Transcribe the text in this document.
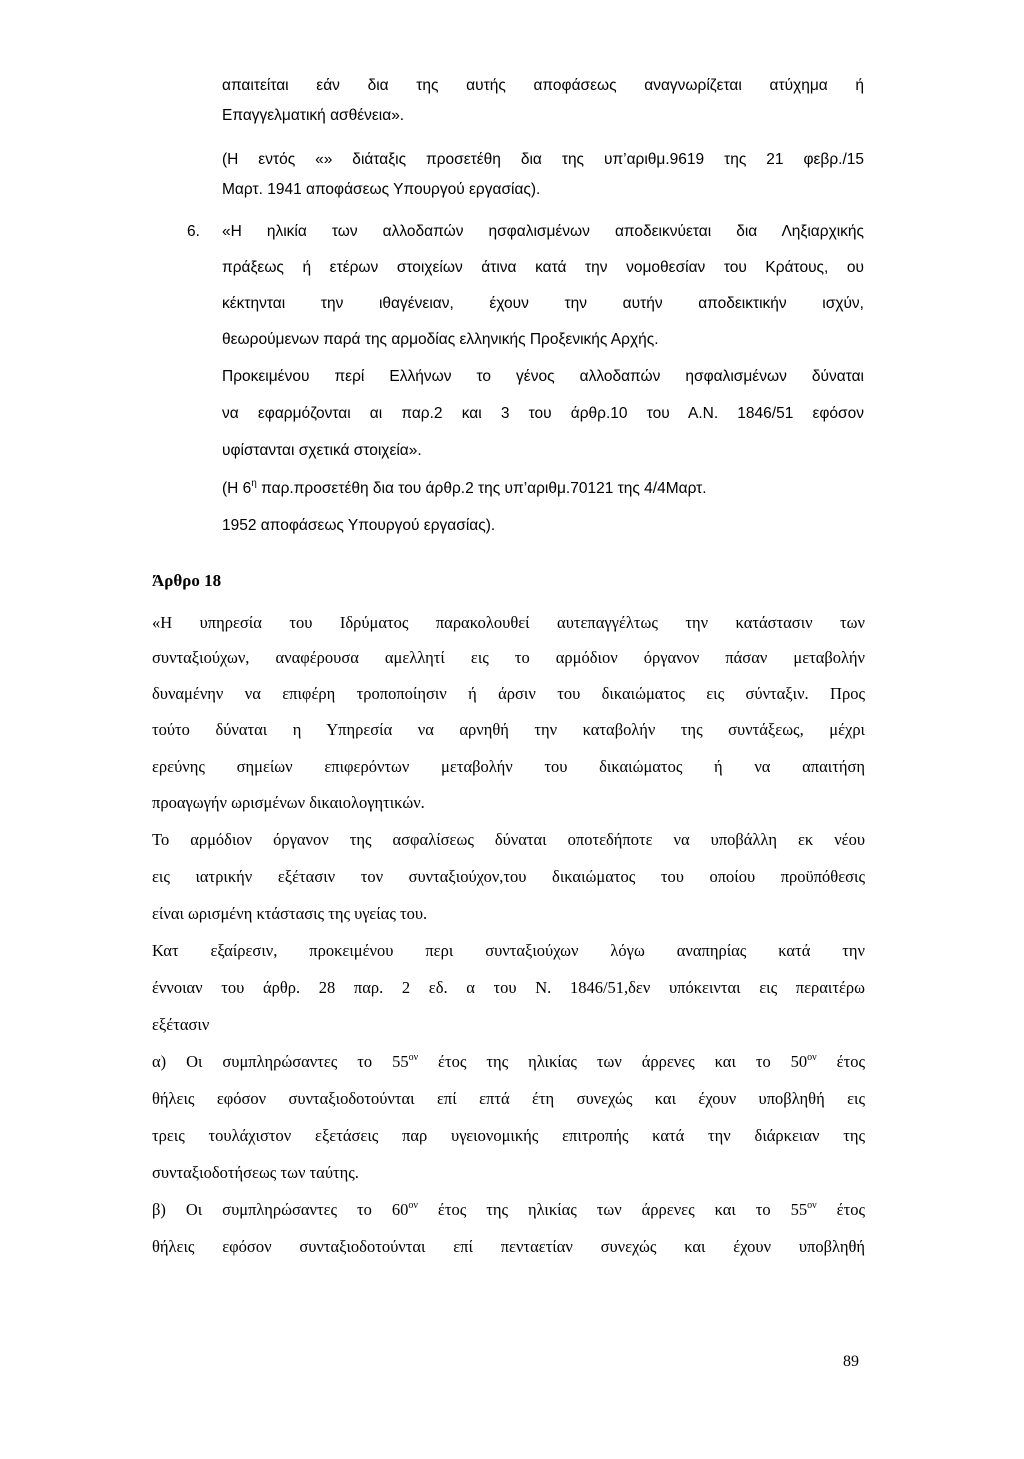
απαιτείται εάν δια της αυτής αποφάσεως αναγνωρίζεται ατύχημα ή
Επαγγελματική ασθένεια».
(Η εντός «» διάταξις προσετέθη δια της υπ’αριθμ.9619 της 21 φεβρ./15
Μαρτ. 1941 αποφάσεως Υπουργού εργασίας).
6. «Η ηλικία των αλλοδαπών ησφαλισμένων αποδεικνύεται δια Ληξιαρχικής
πράξεως ή ετέρων στοιχείων άτινα κατά την νομοθεσίαν του Κράτους, ου
κέκτηνται την ιθαγένειαν, έχουν την αυτήν αποδεικτικήν ισχύν,
θεωρούμενων παρά της αρμοδίας ελληνικής Προξενικής Αρχής.
Προκειμένου περί Ελλήνων το γένος αλλοδαπών ησφαλισμένων δύναται
να εφαρμόζονται αι παρ.2 και 3 του άρθρ.10 του Α.Ν. 1846/51 εφόσον
υφίστανται σχετικά στοιχεία».
(Η $6^\eta$ παρ.προσετέθη δια του άρθρ.2 της υπ’αριθμ.70121 της 4/4Μαρτ.
1952 αποφάσεως Υπουργού εργασίας).
Άρθρο 18
«Η υπηρεσία του Ιδρύματος παρακολουθεί αυτεπαγγέλτως την κατάστασιν των
συνταξιούχων, αναφέρουσα αμελλητί εις το αρμόδιον όργανον πάσαν μεταβολήν
δυναμένην να επιφέρη τροποποίησιν ή άρσιν του δικαιώματος εις σύνταξιν. Προς
τούτο δύναται η Υπηρεσία να αρνηθή την καταβολήν της συντάξεως, μέχρι
ερεύνης σημείων επιφερόντων μεταβολήν του δικαιώματος ή να απαιτήση
προαγωγήν ωρισμένων δικαιολογητικών.
Το αρμόδιον όργανον της ασφαλίσεως δύναται οποτεδήποτε να υποβάλλη εκ νέου
εις ιατρικήν εξέτασιν τον συνταξιούχον,του δικαιώματος του οποίου προϋπόθεσις
είναι ωρισμένη κτάστασις της υγείας του.
Κατ εξαίρεσιν, προκειμένου περι συνταξιούχων λόγω αναπηρίας κατά την
έννοιαν του άρθρ. 28 παρ. 2 εδ. α του Ν. 1846/51,δεν υπόκεινται εις περαιτέρω
εξέτασιν
α) Οι συμπληρώσαντες το $55^{o\nu}$ έτος της ηλικίας των άρρενες και το $50^{o\nu}$ έτος
θήλεις εφόσον συνταξιοδοτούνται επί επτά έτη συνεχώς και έχουν υποβληθή εις
τρεις τουλάχιστον εξετάσεις παρ υγειονομικής επιτροπής κατά την διάρκειαν της
συνταξιοδοτήσεως των ταύτης.
β) Οι συμπληρώσαντες το $60^{o\nu}$ έτος της ηλικίας των άρρενες και το $55^{o\nu}$ έτος
θήλεις εφόσον συνταξιοδοτούνται επί πενταετίαν συνεχώς και έχουν υποβληθή
89
